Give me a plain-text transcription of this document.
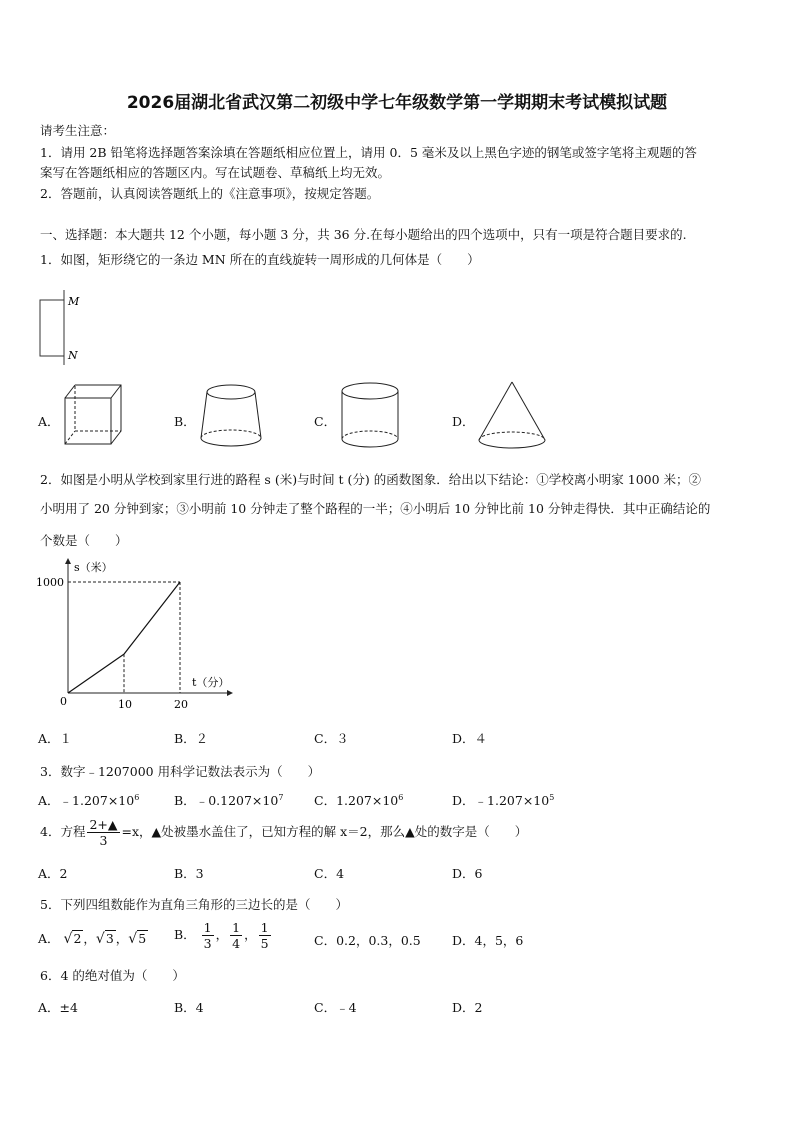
2026届湖北省武汉第二初级中学七年级数学第一学期期末考试模拟试题
请考生注意：
1．请用 2B 铅笔将选择题答案涂填在答题纸相应位置上，请用 0．5 毫米及以上黑色字迹的钢笔或签字笔将主观题的答
案写在答题纸相应的答题区内。写在试题卷、草稿纸上均无效。
2．答题前，认真阅读答题纸上的《注意事项》，按规定答题。
一、选择题：本大题共 12 个小题，每小题 3 分，共 36 分.在每小题给出的四个选项中，只有一项是符合题目要求的.
1．如图，矩形绕它的一条边 MN 所在的直线旋转一周形成的几何体是（　　）
M
N
A．	B．	C．	D．
2．如图是小明从学校到家里行进的路程 s (米)与时间 t (分) 的函数图象．给出以下结论：①学校离小明家 1000 米；②
小明用了 20 分钟到家；③小明前 10 分钟走了整个路程的一半；④小明后 10 分钟比前 10 分钟走得快．其中正确结论的
个数是（　　）
s（米）
t（分）
0	10	20
1000
A．１	B．２	C．３	D．４
3．数字﹣1207000 用科学记数法表示为（　　）
A．$﹣1.207\times 10^6$	B．$﹣0.1207\times 10^7$ C．$1.207\times 10^6$	D．$﹣1.207\times 10^5$
4．方程 $\frac{2+▲}{3} =x$，▲处被墨水盖住了，已知方程的解 x＝2，那么▲处的数字是（　　）
A．2	B．3	C．4	D．6
5．下列四组数能作为直角三角形的三边长的是（　　）
A． √2 ，√3 ，√5 B． $\frac{1}{3}$ ， $\frac{1}{4}$ ， $\frac{1}{5}$	C．0.2，0.3，0.5	D．4，5，6
6．4 的绝对值为（　　）
A．±4	B．4	C．﹣4	D．2
